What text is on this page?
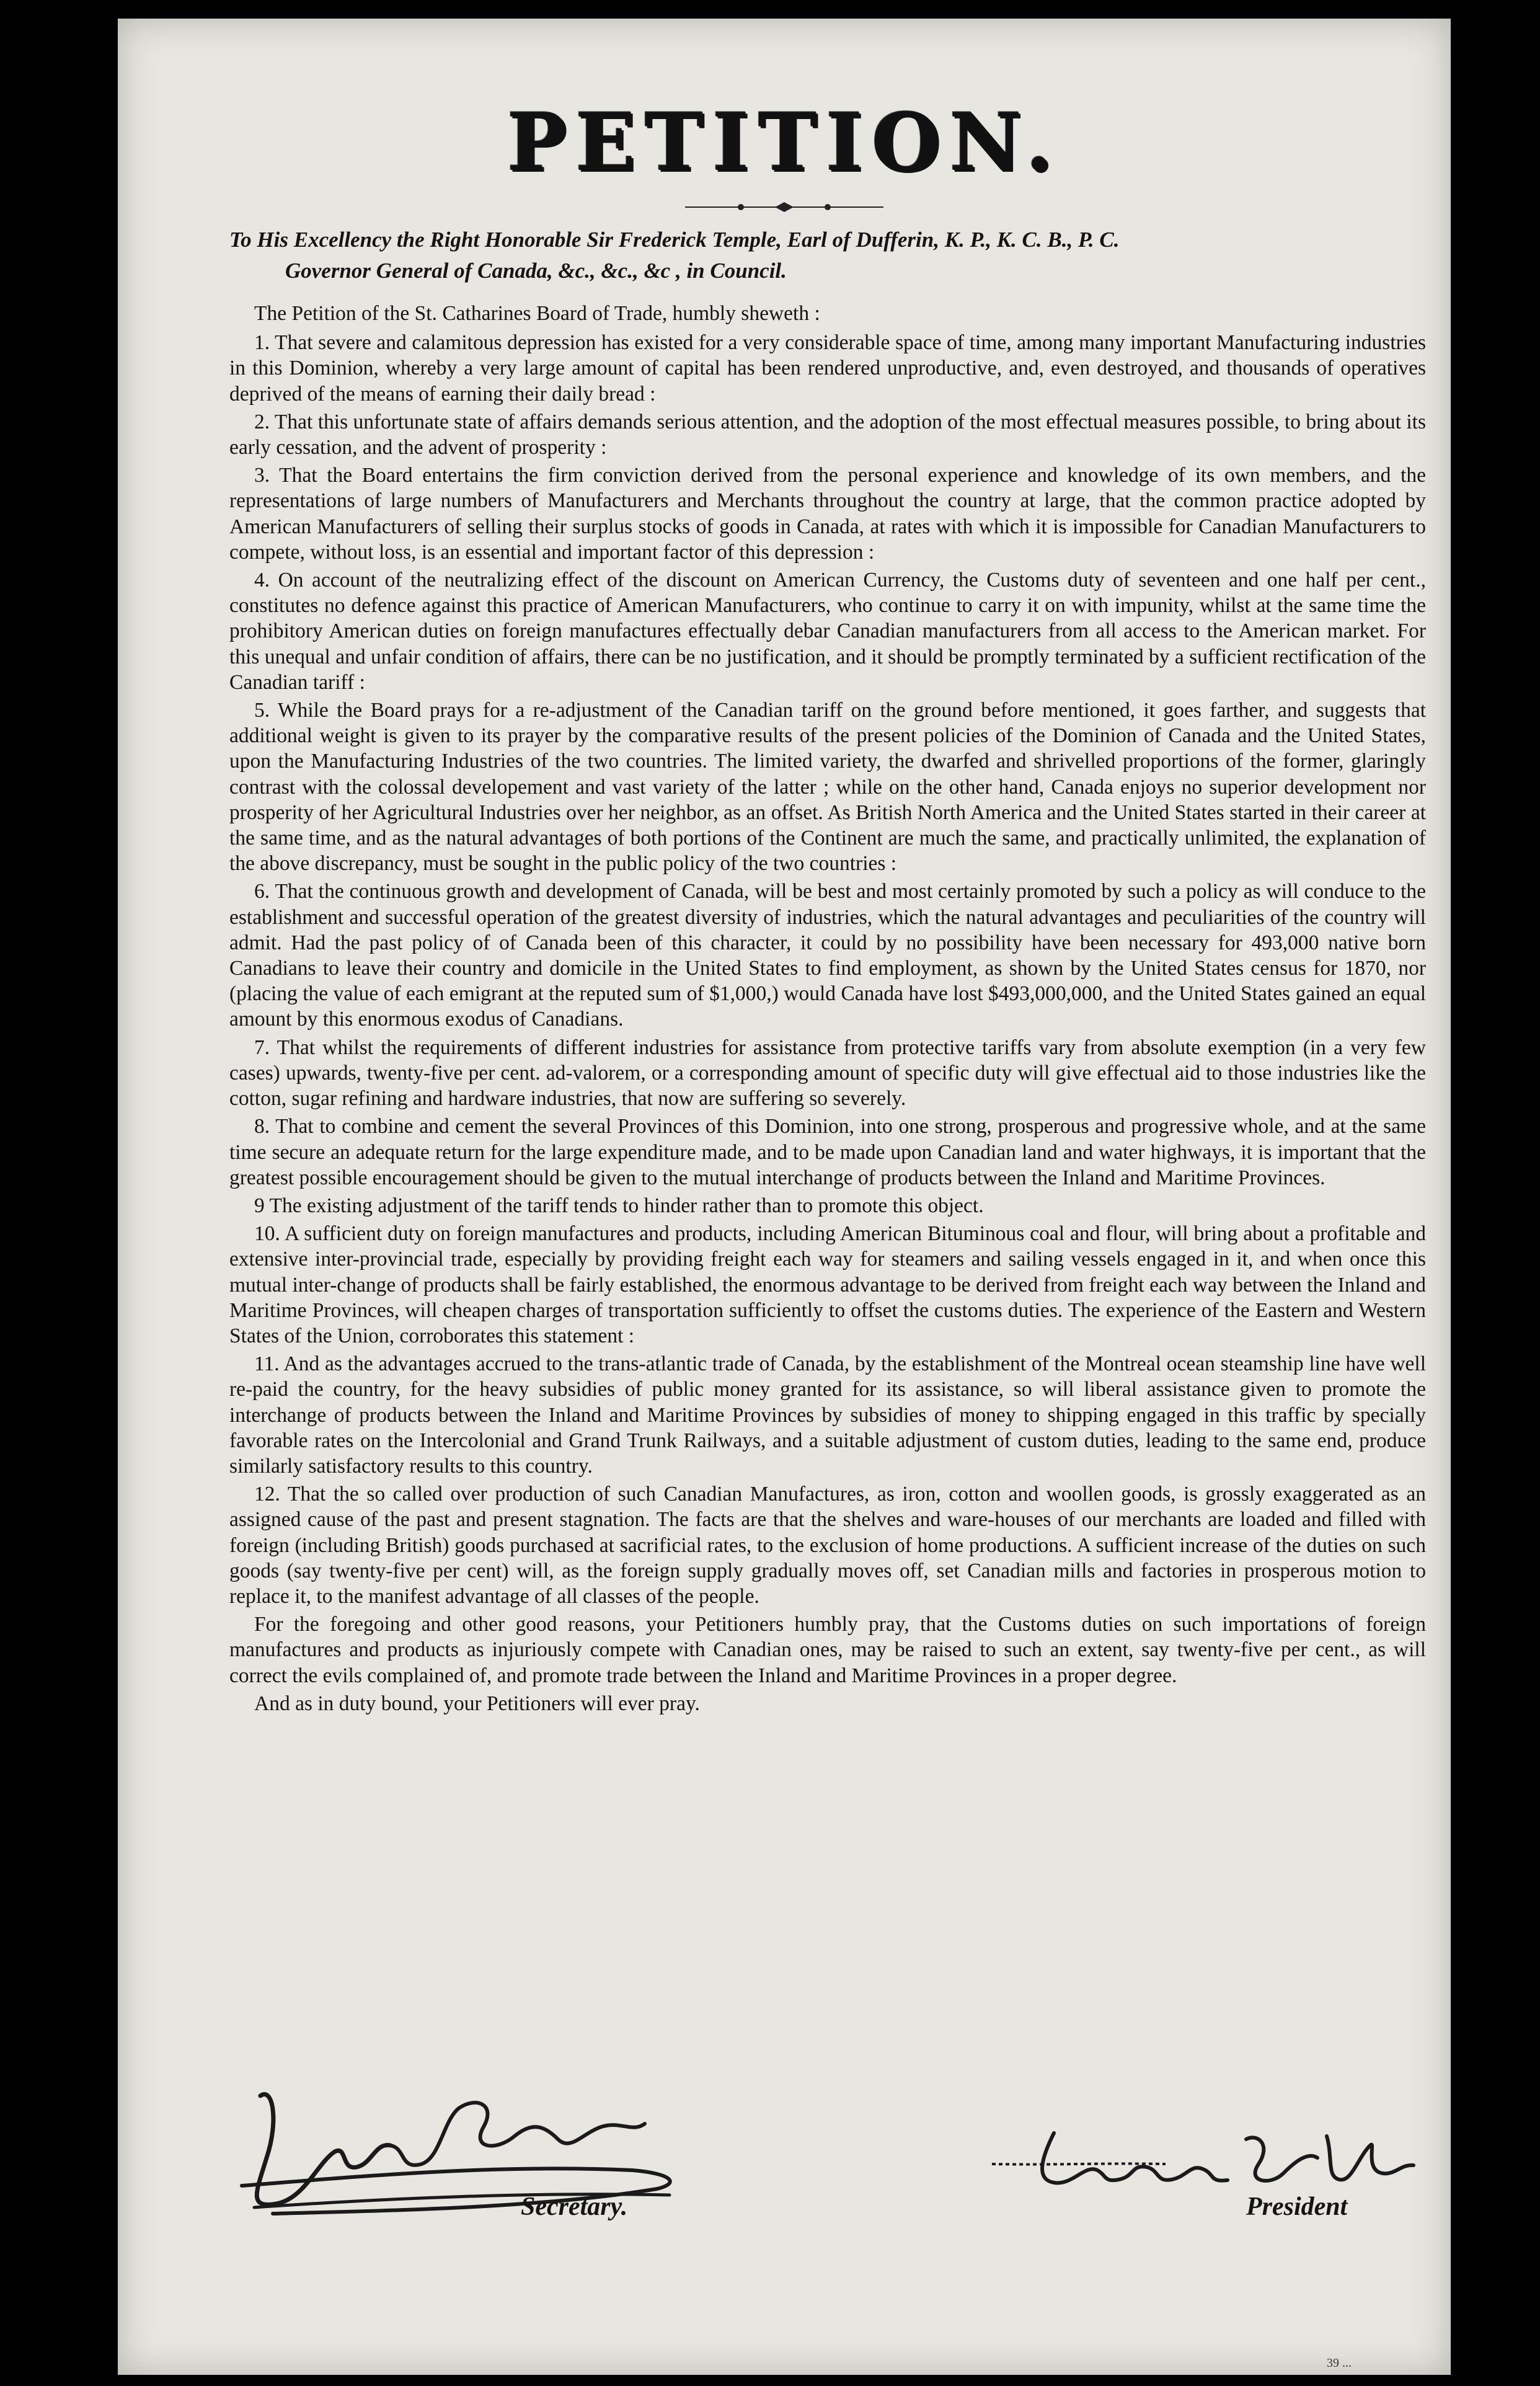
PETITION.
To His Excellency the Right Honorable Sir Frederick Temple, Earl of Dufferin, K. P., K. C. B., P. C.
Governor General of Canada, &c., &c., &c , in Council.

The Petition of the St. Catharines Board of Trade, humbly sheweth :

1. That severe and calamitous depression has existed for a very considerable space of time, among many important Manufacturing industries in this Dominion, whereby a very large amount of capital has been rendered unproductive, and, even destroyed, and thousands of operatives deprived of the means of earning their daily bread :

2. That this unfortunate state of affairs demands serious attention, and the adoption of the most effectual measures possible, to bring about its early cessation, and the advent of prosperity :

3. That the Board entertains the firm conviction derived from the personal experience and knowledge of its own members, and the representations of large numbers of Manufacturers and Merchants throughout the country at large, that the common practice adopted by American Manufacturers of selling their surplus stocks of goods in Canada, at rates with which it is impossible for Canadian Manufacturers to compete, without loss, is an essential and important factor of this depression :

4. On account of the neutralizing effect of the discount on American Currency, the Customs duty of seventeen and one half per cent., constitutes no defence against this practice of American Manufacturers, who continue to carry it on with impunity, whilst at the same time the prohibitory American duties on foreign manufactures effectually debar Canadian manufacturers from all access to the American market. For this unequal and unfair condition of affairs, there can be no justification, and it should be promptly terminated by a sufficient rectification of the Canadian tariff :

5. While the Board prays for a re-adjustment of the Canadian tariff on the ground before mentioned, it goes farther, and suggests that additional weight is given to its prayer by the comparative results of the present policies of the Dominion of Canada and the United States, upon the Manufacturing Industries of the two countries. The limited variety, the dwarfed and shrivelled proportions of the former, glaringly contrast with the colossal developement and vast variety of the latter ; while on the other hand, Canada enjoys no superior development nor prosperity of her Agricultural Industries over her neighbor, as an offset. As British North America and the United States started in their career at the same time, and as the natural advantages of both portions of the Continent are much the same, and practically unlimited, the explanation of the above discrepancy, must be sought in the public policy of the two countries :

6. That the continuous growth and development of Canada, will be best and most certainly promoted by such a policy as will conduce to the establishment and successful operation of the greatest diversity of industries, which the natural advantages and peculiarities of the country will admit. Had the past policy of of Canada been of this character, it could by no possibility have been necessary for 493,000 native born Canadians to leave their country and domicile in the United States to find employment, as shown by the United States census for 1870, nor (placing the value of each emigrant at the reputed sum of $1,000,) would Canada have lost $493,000,000, and the United States gained an equal amount by this enormous exodus of Canadians.

7. That whilst the requirements of different industries for assistance from protective tariffs vary from absolute exemption (in a very few cases) upwards, twenty-five per cent. ad-valorem, or a corresponding amount of specific duty will give effectual aid to those industries like the cotton, sugar refining and hardware industries, that now are suffering so severely.

8. That to combine and cement the several Provinces of this Dominion, into one strong, prosperous and progressive whole, and at the same time secure an adequate return for the large expenditure made, and to be made upon Canadian land and water highways, it is important that the greatest possible encouragement should be given to the mutual interchange of products between the Inland and Maritime Provinces.

9 The existing adjustment of the tariff tends to hinder rather than to promote this object.

10. A sufficient duty on foreign manufactures and products, including American Bituminous coal and flour, will bring about a profitable and extensive inter-provincial trade, especially by providing freight each way for steamers and sailing vessels engaged in it, and when once this mutual inter-change of products shall be fairly established, the enormous advantage to be derived from freight each way between the Inland and Maritime Provinces, will cheapen charges of transportation sufficiently to offset the customs duties. The experience of the Eastern and Western States of the Union, corroborates this statement :

11. And as the advantages accrued to the trans-atlantic trade of Canada, by the establishment of the Montreal ocean steamship line have well re-paid the country, for the heavy subsidies of public money granted for its assistance, so will liberal assistance given to promote the interchange of products between the Inland and Maritime Provinces by subsidies of money to shipping engaged in this traffic by specially favorable rates on the Intercolonial and Grand Trunk Railways, and a suitable adjustment of custom duties, leading to the same end, produce similarly satisfactory results to this country.

12. That the so called over production of such Canadian Manufactures, as iron, cotton and woollen goods, is grossly exaggerated as an assigned cause of the past and present stagnation. The facts are that the shelves and ware-houses of our merchants are loaded and filled with foreign (including British) goods purchased at sacrificial rates, to the exclusion of home productions. A sufficient increase of the duties on such goods (say twenty-five per cent) will, as the foreign supply gradually moves off, set Canadian mills and factories in prosperous motion to replace it, to the manifest advantage of all classes of the people.

For the foregoing and other good reasons, your Petitioners humbly pray, that the Customs duties on such importations of foreign manufactures and products as injuriously compete with Canadian ones, may be raised to such an extent, say twenty-five per cent., as will correct the evils complained of, and promote trade between the Inland and Maritime Provinces in a proper degree.

And as in duty bound, your Petitioners will ever pray.

Secretary.	President
39 ...
